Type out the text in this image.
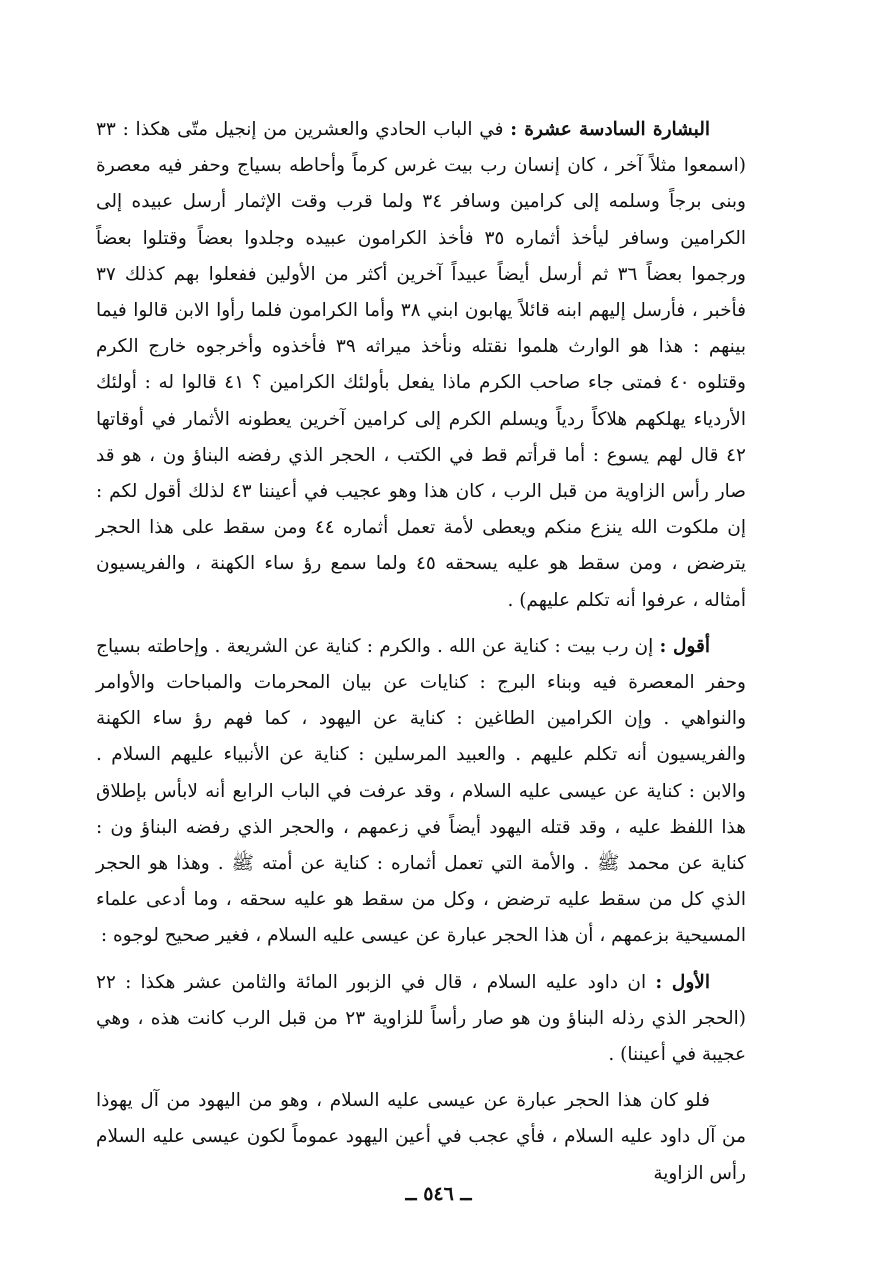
البشارة السادسة عشرة : في الباب الحادي والعشرين من إنجيل متّى هكذا : ٣٣ (اسمعوا مثلاً آخر ، كان إنسان رب بيت غرس كرماً وأحاطه بسياج وحفر فيه معصرة وبنى برجاً وسلمه إلى كرامين وسافر ٣٤ ولما قرب وقت الإثمار أرسل عبيده إلى الكرامين وسافر ليأخذ أثماره ٣٥ فأخذ الكرامون عبيده وجلدوا بعضاً وقتلوا بعضاً ورجموا بعضاً ٣٦ ثم أرسل أيضاً عبيداً آخرين أكثر من الأولين ففعلوا بهم كذلك ٣٧ فأخبر ، فأرسل إليهم ابنه قائلاً يهابون ابني ٣٨ وأما الكرامون فلما رأوا الابن قالوا فيما بينهم : هذا هو الوارث هلموا نقتله ونأخذ ميراثه ٣٩ فأخذوه وأخرجوه خارج الكرم وقتلوه ٤٠ فمتى جاء صاحب الكرم ماذا يفعل بأولئك الكرامين ؟ ٤١ قالوا له : أولئك الأردياء يهلكهم هلاكاً ردياً ويسلم الكرم إلى كرامين آخرين يعطونه الأثمار في أوقاتها ٤٢ قال لهم يسوع : أما قرأتم قط في الكتب ، الحجر الذي رفضه البناؤ ون ، هو قد صار رأس الزاوية من قبل الرب ، كان هذا وهو عجيب في أعيننا ٤٣ لذلك أقول لكم : إن ملكوت الله ينزع منكم ويعطى لأمة تعمل أثماره ٤٤ ومن سقط على هذا الحجر يترضض ، ومن سقط هو عليه يسحقه ٤٥ ولما سمع رؤ ساء الكهنة ، والفريسيون أمثاله ، عرفوا أنه تكلم عليهم) .

أقول : إن رب بيت : كناية عن الله . والكرم : كناية عن الشريعة . وإحاطته بسياج وحفر المعصرة فيه وبناء البرج : كنايات عن بيان المحرمات والمباحات والأوامر والنواهي . وإن الكرامين الطاغين : كناية عن اليهود ، كما فهم رؤ ساء الكهنة والفريسيون أنه تكلم عليهم . والعبيد المرسلين : كناية عن الأنبياء عليهم السلام . والابن : كناية عن عيسى عليه السلام ، وقد عرفت في الباب الرابع أنه لابأس بإطلاق هذا اللفظ عليه ، وقد قتله اليهود أيضاً في زعمهم ، والحجر الذي رفضه البناؤ ون : كناية عن محمد ﷺ . والأمة التي تعمل أثماره : كناية عن أمته ﷺ . وهذا هو الحجر الذي كل من سقط عليه ترضض ، وكل من سقط هو عليه سحقه ، وما أدعى علماء المسيحية بزعمهم ، أن هذا الحجر عبارة عن عيسى عليه السلام ، فغير صحيح لوجوه :

الأول : ان داود عليه السلام ، قال في الزبور المائة والثامن عشر هكذا : ٢٢ (الحجر الذي رذله البناؤ ون هو صار رأساً للزاوية ٢٣ من قبل الرب كانت هذه ، وهي عجيبة في أعيننا) .

فلو كان هذا الحجر عبارة عن عيسى عليه السلام ، وهو من اليهود من آل يهوذا من آل داود عليه السلام ، فأي عجب في أعين اليهود عموماً لكون عيسى عليه السلام رأس الزاوية

ــ ٥٤٦ ــ
